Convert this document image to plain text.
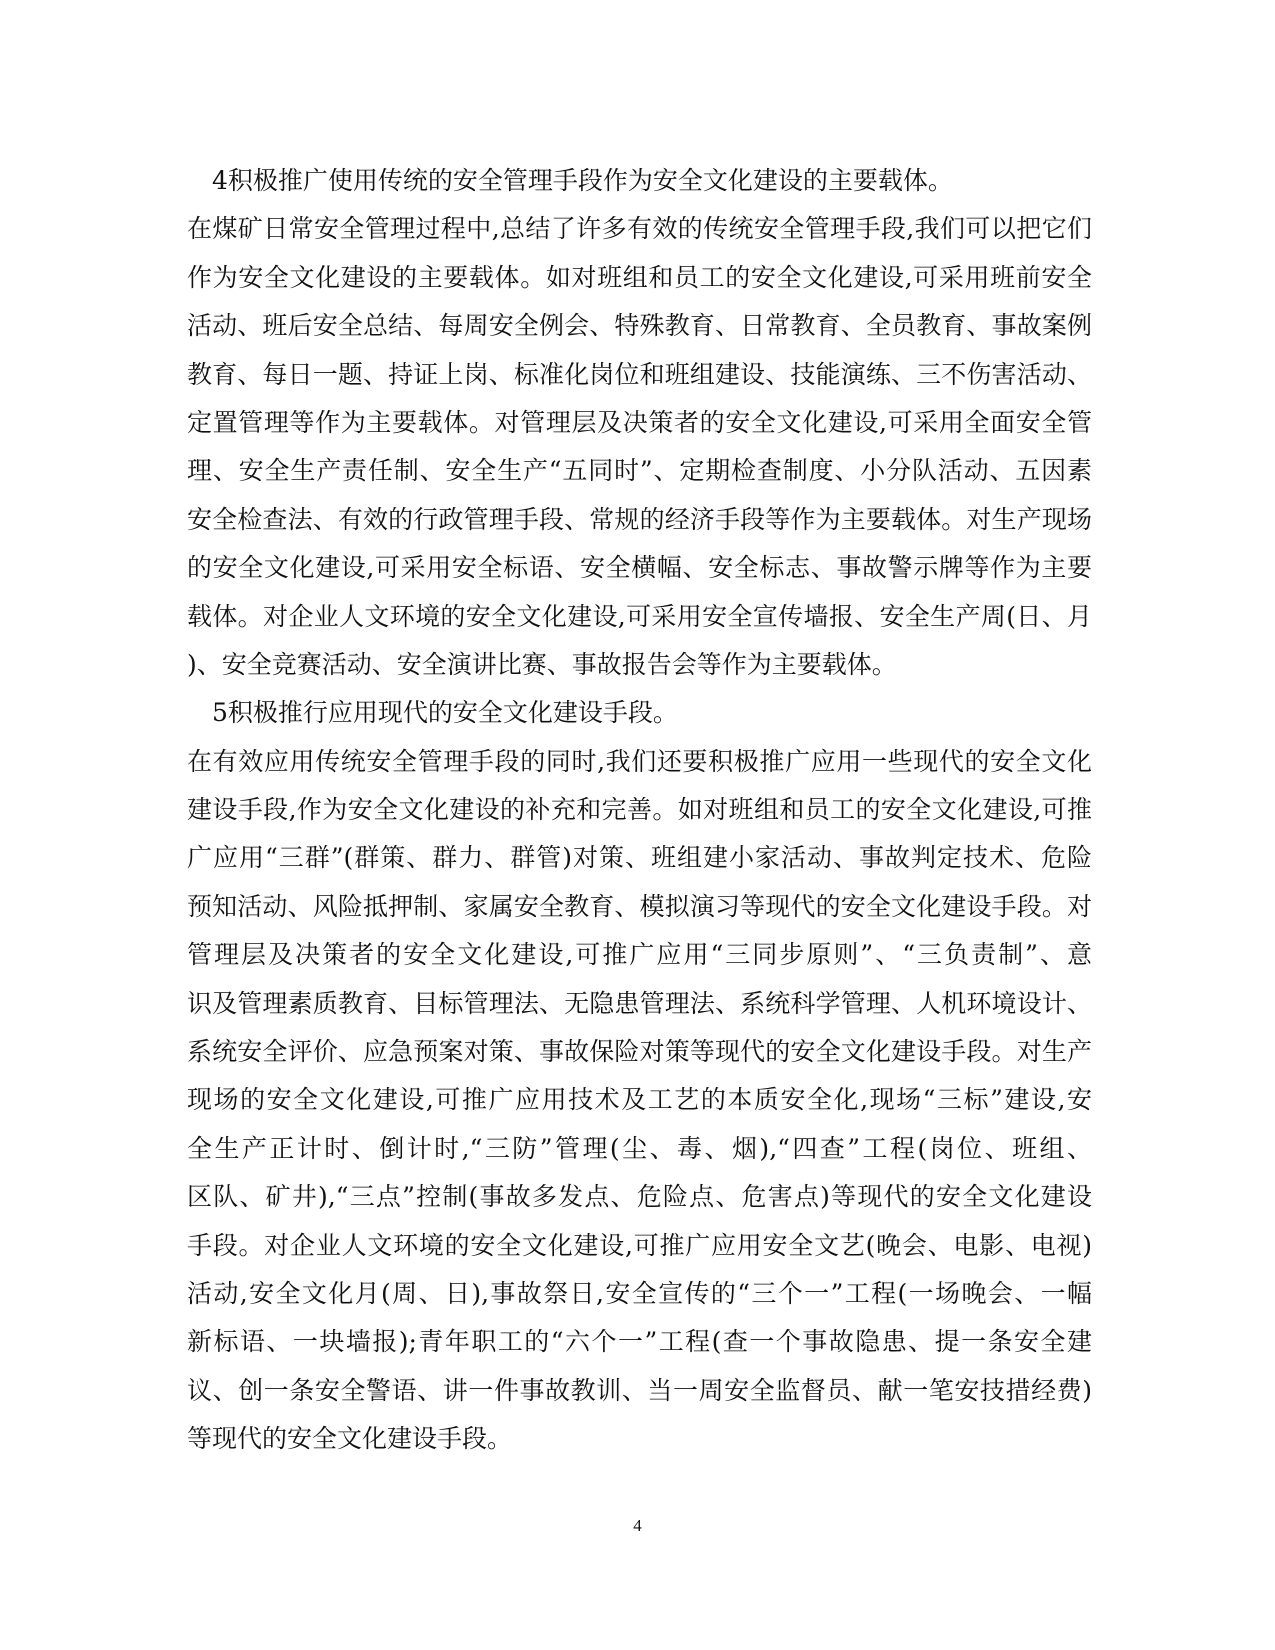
4积极推广使用传统的安全管理手段作为安全文化建设的主要载体。
在煤矿日常安全管理过程中,总结了许多有效的传统安全管理手段,我们可以把它们
作为安全文化建设的主要载体。如对班组和员工的安全文化建设,可采用班前安全
活动、班后安全总结、每周安全例会、特殊教育、日常教育、全员教育、事故案例
教育、每日一题、持证上岗、标准化岗位和班组建设、技能演练、三不伤害活动、
定置管理等作为主要载体。对管理层及决策者的安全文化建设,可采用全面安全管
理、安全生产责任制、安全生产“五同时”、定期检查制度、小分队活动、五因素
安全检查法、有效的行政管理手段、常规的经济手段等作为主要载体。对生产现场
的安全文化建设,可采用安全标语、安全横幅、安全标志、事故警示牌等作为主要
载体。对企业人文环境的安全文化建设,可采用安全宣传墙报、安全生产周(日、月
)、安全竞赛活动、安全演讲比赛、事故报告会等作为主要载体。
5积极推行应用现代的安全文化建设手段。
在有效应用传统安全管理手段的同时,我们还要积极推广应用一些现代的安全文化
建设手段,作为安全文化建设的补充和完善。如对班组和员工的安全文化建设,可推
广应用“三群”(群策、群力、群管)对策、班组建小家活动、事故判定技术、危险
预知活动、风险抵押制、家属安全教育、模拟演习等现代的安全文化建设手段。对
管理层及决策者的安全文化建设,可推广应用“三同步原则”、“三负责制”、意
识及管理素质教育、目标管理法、无隐患管理法、系统科学管理、人机环境设计、
系统安全评价、应急预案对策、事故保险对策等现代的安全文化建设手段。对生产
现场的安全文化建设,可推广应用技术及工艺的本质安全化,现场“三标”建设,安
全生产正计时、倒计时,“三防”管理(尘、毒、烟),“四查”工程(岗位、班组、
区队、矿井),“三点”控制(事故多发点、危险点、危害点)等现代的安全文化建设
手段。对企业人文环境的安全文化建设,可推广应用安全文艺(晚会、电影、电视)
活动,安全文化月(周、日),事故祭日,安全宣传的“三个一”工程(一场晚会、一幅
新标语、一块墙报);青年职工的“六个一”工程(查一个事故隐患、提一条安全建
议、创一条安全警语、讲一件事故教训、当一周安全监督员、献一笔安技措经费)
等现代的安全文化建设手段。
4
